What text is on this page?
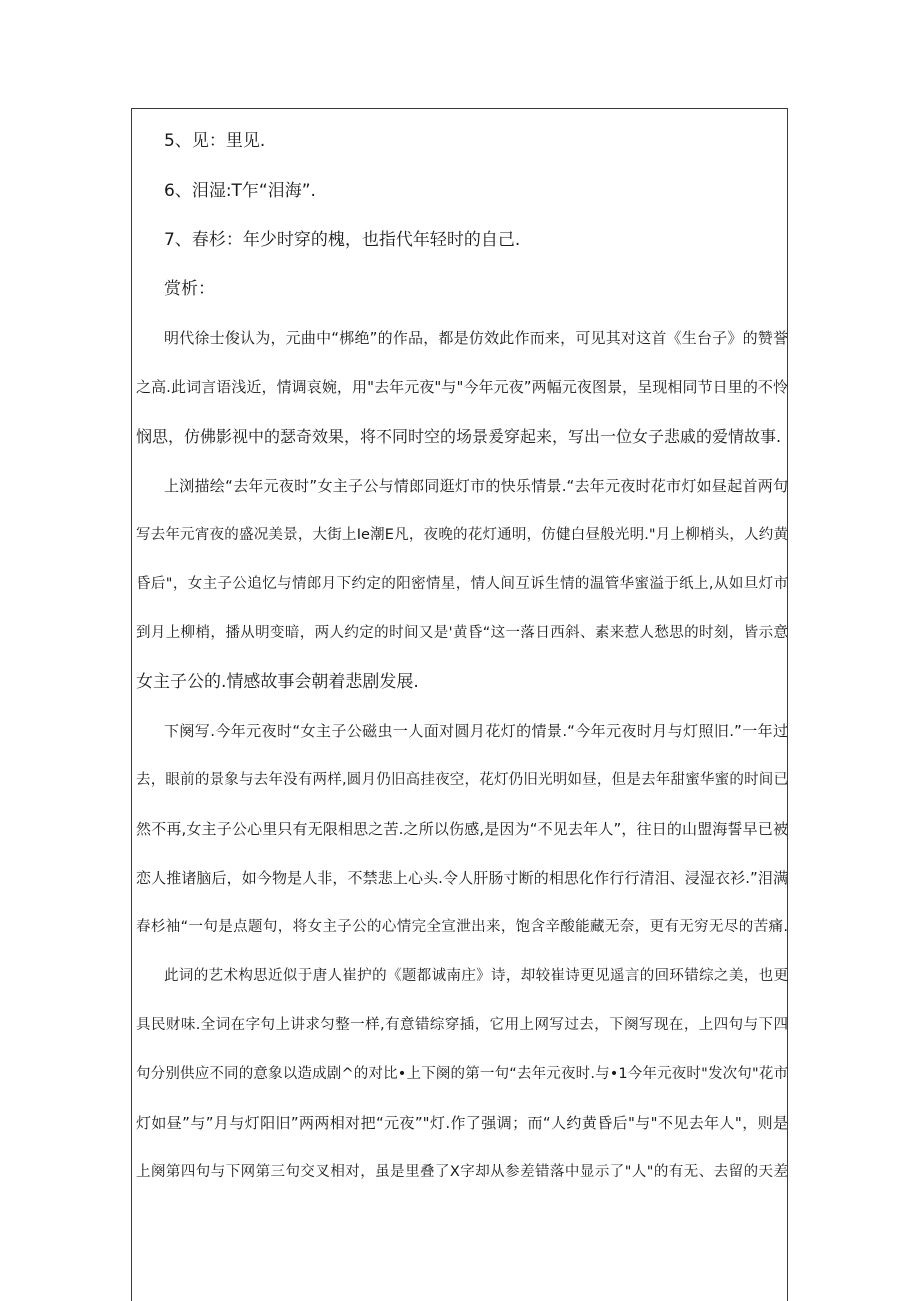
5、见：里见.
6、泪湿:T乍“泪海”.
7、春杉：年少时穿的槐，也指代年轻时的自己.
赏析：
明代徐士俊认为，元曲中“梆绝”的作品，都是仿效此作而来，可见其对这首《生台子》的赞誉
之高.此词言语浅近，情调哀婉，用"去年元夜"与"今年元夜”两幅元夜图景，呈现相同节日里的不怜
悯思，仿佛影视中的瑟奇效果，将不同时空的场景爰穿起来，写出一位女子悲戚的爱情故事.
上浏描绘“去年元夜时”女主子公与情郎同逛灯市的快乐情景.“去年元夜时花市灯如昼起首两句
写去年元宵夜的盛况美景，大街上Ie潮E凡，夜晚的花灯通明，仿健白昼般光明."月上柳梢头，人约黄
昏后"，女主子公追忆与情郎月下约定的阳密情星，情人间互诉生情的温管华蜜溢于纸上,从如旦灯市
到月上柳梢，播从明变暗，两人约定的时间又是'黄昏“这一落日西斜、素来惹人愁思的时刻，皆示意
女主子公的.情感故事会朝着悲剧发展.
下阕写.今年元夜时“女主子公磁虫一人面对圆月花灯的情景.“今年元夜时月与灯照旧.”一年过
去，眼前的景象与去年没有两样,圆月仍旧高挂夜空，花灯仍旧光明如昼，但是去年甜蜜华蜜的时间已
然不再,女主子公心里只有无限相思之苦.之所以伤感,是因为“不见去年人”，往日的山盟海誓早已被
恋人推诸脑后，如今物是人非，不禁悲上心头.令人肝肠寸断的相思化作行行清泪、浸湿衣衫.”泪满
春杉袖“一句是点题句，将女主子公的心情完全宣泄出来，饱含辛酸能藏无奈，更有无穷无尽的苦痛.
此词的艺术构思近似于唐人崔护的《题都诚南庄》诗，却较崔诗更见遥言的回环错综之美，也更
具民财味.全词在字句上讲求匀整一样,有意错综穿插，它用上网写过去，下阕写现在，上四句与下四
句分别供应不同的意象以造成剧^的对比•上下阕的第一句“去年元夜时.与•1今年元夜时"发次句"花市
灯如昼”与”月与灯阳旧”两两相对把“元夜”"灯.作了强调；而“人约黄昏后"与"不见去年人"，则是
上阕第四句与下网第三句交叉相对，虽是里叠了X字却从参差错落中显示了"人"的有无、去留的天差
